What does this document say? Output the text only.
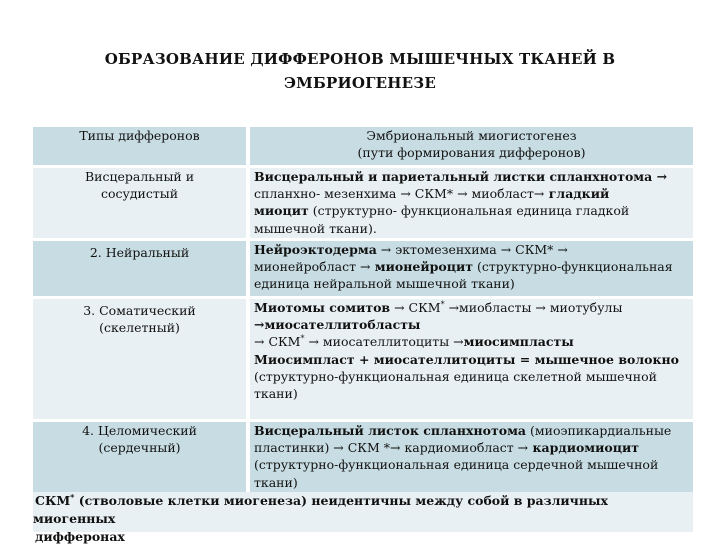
ОБРАЗОВАНИЕ ДИФФЕРОНОВ МЫШЕЧНЫХ ТКАНЕЙ В
ЭМБРИОГЕНЕЗЕ
Типы дифферонов	Эмбриональный миогистогенез
(пути формирования дифферонов)
Висцеральный и
сосудистый

Висцеральный и париетальный листки спланхнотома →

спланхно- мезенхима → СКМ* → миобласт→ гладкий

миоцит (структурно- функциональная единица гладкой

мышечной ткани).

2. Нейральный	Нейроэктодерма → эктомезенхима → СКМ* →

мионейробласт → мионейроцит (структурно-функциональная

единица нейральной мышечной ткани)

3. Соматический
(скелетный)

Миотомы сомитов → СКМ* →миобласты → миотубулы

→миосателлитобласты

→ СКМ* → миосателлитоциты →миосимпласты

Миосимпласт + миосателлитоциты = мышечное волокно

(структурно-функциональная единица скелетной мышечной

ткани)

4. Целомический
(сердечный)

Висцеральный листок спланхнотома (миоэпикардиальные

пластинки) → СКМ *→ кардиомиобласт → кардиомиоцит

(структурно-функциональная единица сердечной мышечной

ткани)

СКМ* (стволовые клетки миогенеза) неидентичны между собой в различных миогенных
дифферонах
